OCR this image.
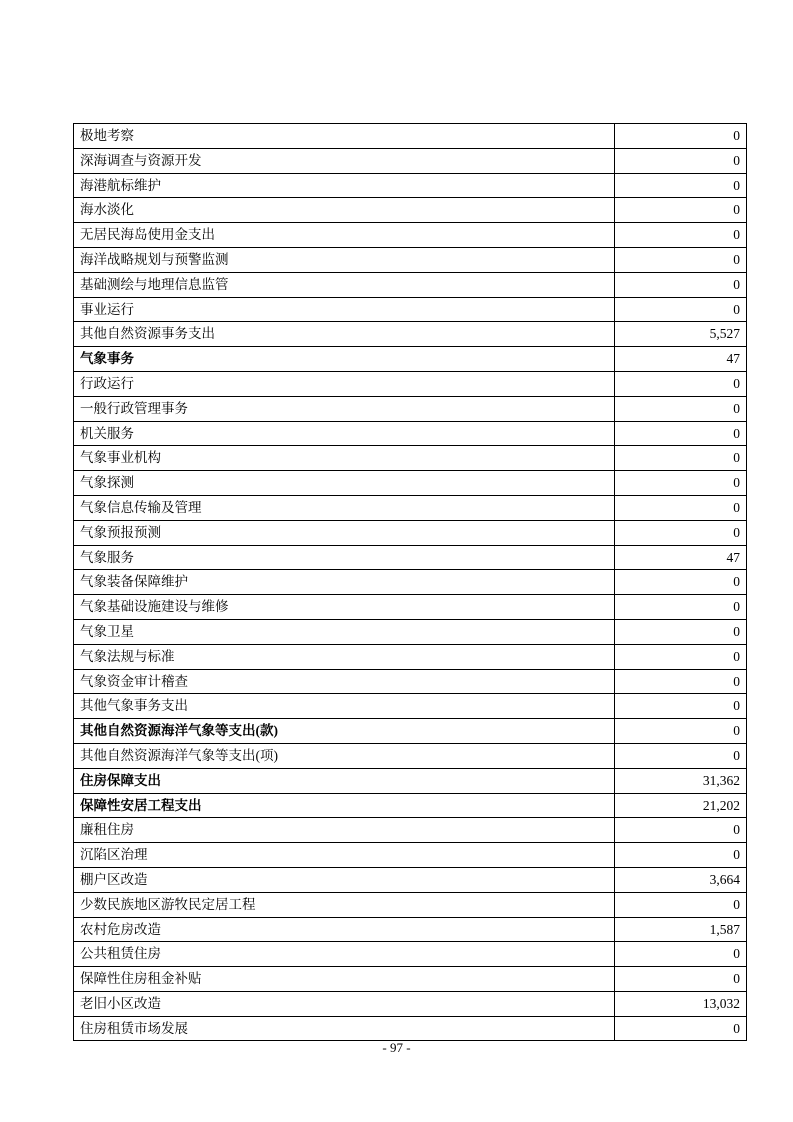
极地考察	0
深海调查与资源开发	0
海港航标维护	0
海水淡化	0
无居民海岛使用金支出	0
海洋战略规划与预警监测	0
基础测绘与地理信息监管	0
事业运行	0
其他自然资源事务支出	5,527
气象事务	47
行政运行	0
一般行政管理事务	0
机关服务	0
气象事业机构	0
气象探测	0
气象信息传输及管理	0
气象预报预测	0
气象服务	47
气象装备保障维护	0
气象基础设施建设与维修	0
气象卫星	0
气象法规与标准	0
气象资金审计稽查	0
其他气象事务支出	0
其他自然资源海洋气象等支出(款)	0
其他自然资源海洋气象等支出(项)	0
住房保障支出	31,362
保障性安居工程支出	21,202
廉租住房	0
沉陷区治理	0
棚户区改造	3,664
少数民族地区游牧民定居工程	0
农村危房改造	1,587
公共租赁住房	0
保障性住房租金补贴	0
老旧小区改造	13,032
住房租赁市场发展	0
- 97 -
